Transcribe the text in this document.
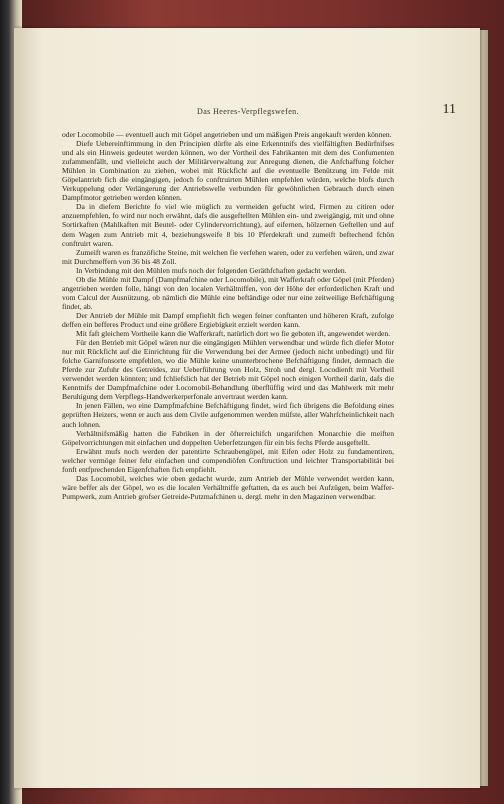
Das Heeres-Verpflegswefen.	11

oder Locomobile — eventuell auch mit Göpel angetrieben und um mäßigen Preis angekauft werden können.

Diefe Uebereinftimmung in den Principien dürfte als eine Erkenntnifs des vielfältigften Bedürfnifses und als ein Hinweis gedeutet werden können, wo der Vortheil des Fabrikanten mit dem des Confumenten zufammenfällt, und vielleicht auch der Militärverwaltung zur Anregung dienen, die Anfchaffung folcher Mühlen in Combination zu ziehen, wobei mit Rückficht auf die eventuelle Benützung im Felde mit Göpelantrieb fich die eingängigen, jedoch fo conftruirten Mühlen empfehlen würden, welche blofs durch Verkuppelung oder Verlängerung der Antriebswelle verbunden für gewöhnlichen Gebrauch durch einen Dampfmotor getrieben werden können.

Da in diefem Berichte fo viel wie möglich zu vermeiden gefucht wird, Firmen zu citiren oder anzuempfehlen, fo wird nur noch erwähnt, dafs die ausgeftellten Mühlen ein- und zweigängig, mit und ohne Sortirkaften (Mahlkaften mit Beutel- oder Cylindervorrichtung), auf eifernen, hölzernen Geftellen und auf dem Wagen zum Antrieb mit 4, beziehungsweife 8 bis 10 Pferdekraft und zumeift beftechend fchön conftruirt waren.

Zumeift waren es franzöfiche Steine, mit welchen fie verfehen waren, oder zu verfehen wären, und zwar mit Durchmeffern von 36 bis 48 Zoll.

In Verbindung mit den Mühlen mufs noch der folgenden Geräthfchaften gedacht werden.

Ob die Mühle mit Dampf (Dampfmafchine oder Locomobile), mit Wafferkraft oder Göpel (mit Pferden) angetrieben werden folle, hängt von den localen Verhältniffen, von der Höhe der erforderlichen Kraft und vom Calcul der Ausnützung, ob nämlich die Mühle eine beftändige oder nur eine zeitweilige Befchäftigung findet, ab.

Der Antrieb der Mühle mit Dampf empfiehlt fich wegen feiner conftanten und höheren Kraft, zufolge deffen ein befferes Product und eine größere Ergiebigkeit erzielt werden kann.

Mit faft gleichem Vortheile kann die Wafferkraft, natürlich dort wo fie geboten ift, angewendet werden.

Für den Betrieb mit Göpel wären nur die eingängigen Mühlen verwendbar und würde fich diefer Motor nur mit Rückficht auf die Einrichtung für die Verwendung bei der Armee (jedoch nicht unbedingt) und für folche Garnifonsorte empfehlen, wo die Mühle keine ununterbrochene Befchäftigung findet, demnach die Pferde zur Zufuhr des Getreides, zur Ueberführung von Holz, Stroh und dergl. Locodienft mit Vortheil verwendet werden könnten; und fchliefslich hat der Betrieb mit Göpel noch einigen Vortheil darin, dafs die Kenntnifs der Dampfmafchine oder Locomobil-Behandlung überflüffig wird und das Mahlwerk mit mehr Beruhigung dem Verpflegs-Handwerkerperfonale anvertraut werden kann.

In jenen Fällen, wo eine Dampfmafchine Befchäftigung findet, wird fich übrigens die Befoldung eines geprüften Heizers, wenn er auch aus dem Civile aufgenommen werden müfste, aller Wahrfcheinlichkeit nach auch lohnen.

Verhältnifsmäßig hatten die Fabriken in der öfterreichifch ungarifchen Monarchie die meiften Göpelvorrichtungen mit einfachen und doppelten Ueberfetzungen für ein bis fechs Pferde ausgeftellt.

Erwähnt mufs noch werden der patentirte Schraubengöpel, mit Eifen oder Holz zu fundamentiren, welcher vermöge feiner fehr einfachen und compendiöfen Conftruction und leichter Transportabilität bei fonft entfprechenden Eigenfchaften fich empfiehlt.

Das Locomobil, welches wie oben gedacht wurde, zum Antrieb der Mühle verwendet werden kann, wäre beffer als der Göpel, wo es die localen Verhältniffe geftatten, da es auch bei Aufzügen, beim Waffer-Pumpwerk, zum Antrieb grofser Getreide-Putzmafchinen u. dergl. mehr in den Magazinen verwendbar.
